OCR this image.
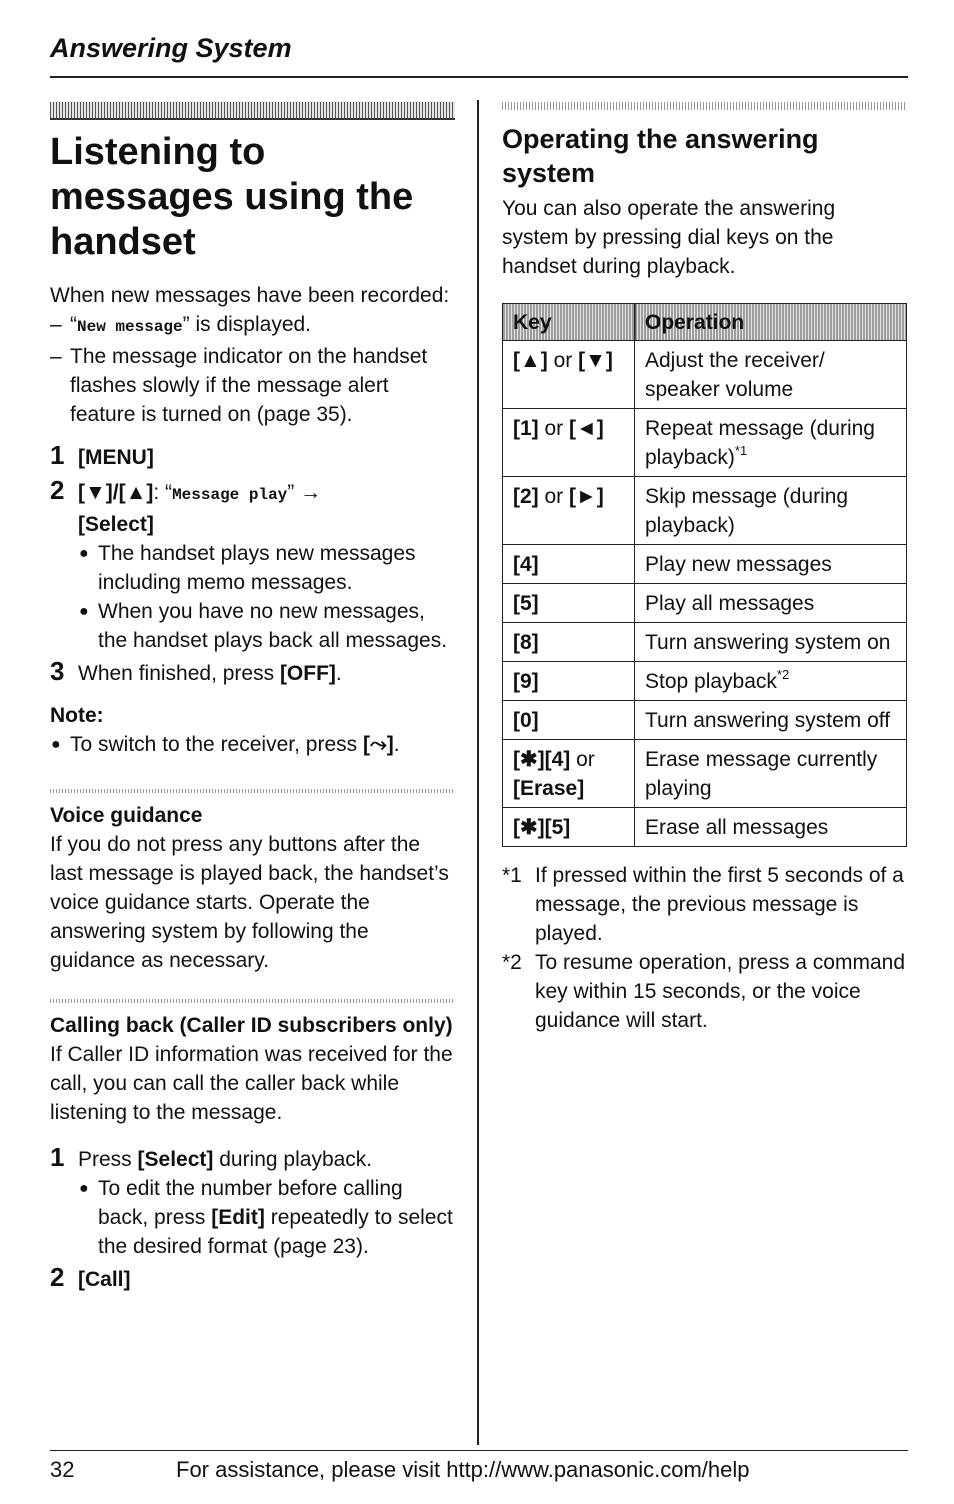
Answering System
Listening to messages using the handset

When new messages have been recorded:

– “New message” is displayed.
– The message indicator on the handset flashes slowly if the message alert feature is turned on (page 35).
1 [MENU]
2 [▼]/[▲]: “Message play” →
[Select]
● The handset plays new messages including memo messages.
● When you have no new messages, the handset plays back all messages.
3 When finished, press [OFF].
Note:
● To switch to the receiver, press [⤳].
Voice guidance

If you do not press any buttons after the last message is played back, the handset’s voice guidance starts. Operate the answering system by following the guidance as necessary.

Calling back (Caller ID subscribers only)

If Caller ID information was received for the call, you can call the caller back while listening to the message.

1 Press [Select] during playback.
● To edit the number before calling back, press [Edit] repeatedly to select the desired format (page 23).
2 [Call]
Operating the answering system

You can also operate the answering system by pressing dial keys on the handset during playback.

Key	Operation
[▲] or [▼]	Adjust the receiver/ speaker volume
[1] or [◄]	Repeat message (during playback)$^{*1}$
[2] or [►]	Skip message (during playback)
[4]	Play new messages
[5]	Play all messages
[8]	Turn answering system on
[9]	Stop playback$^{*2}$
[0]	Turn answering system off
[✱][4] or [Erase]	Erase message currently playing
[✱][5]	Erase all messages
*1 If pressed within the first 5 seconds of a message, the previous message is played.
*2 To resume operation, press a command key within 15 seconds, or the voice guidance will start.
32	For assistance, please visit http://www.panasonic.com/help
